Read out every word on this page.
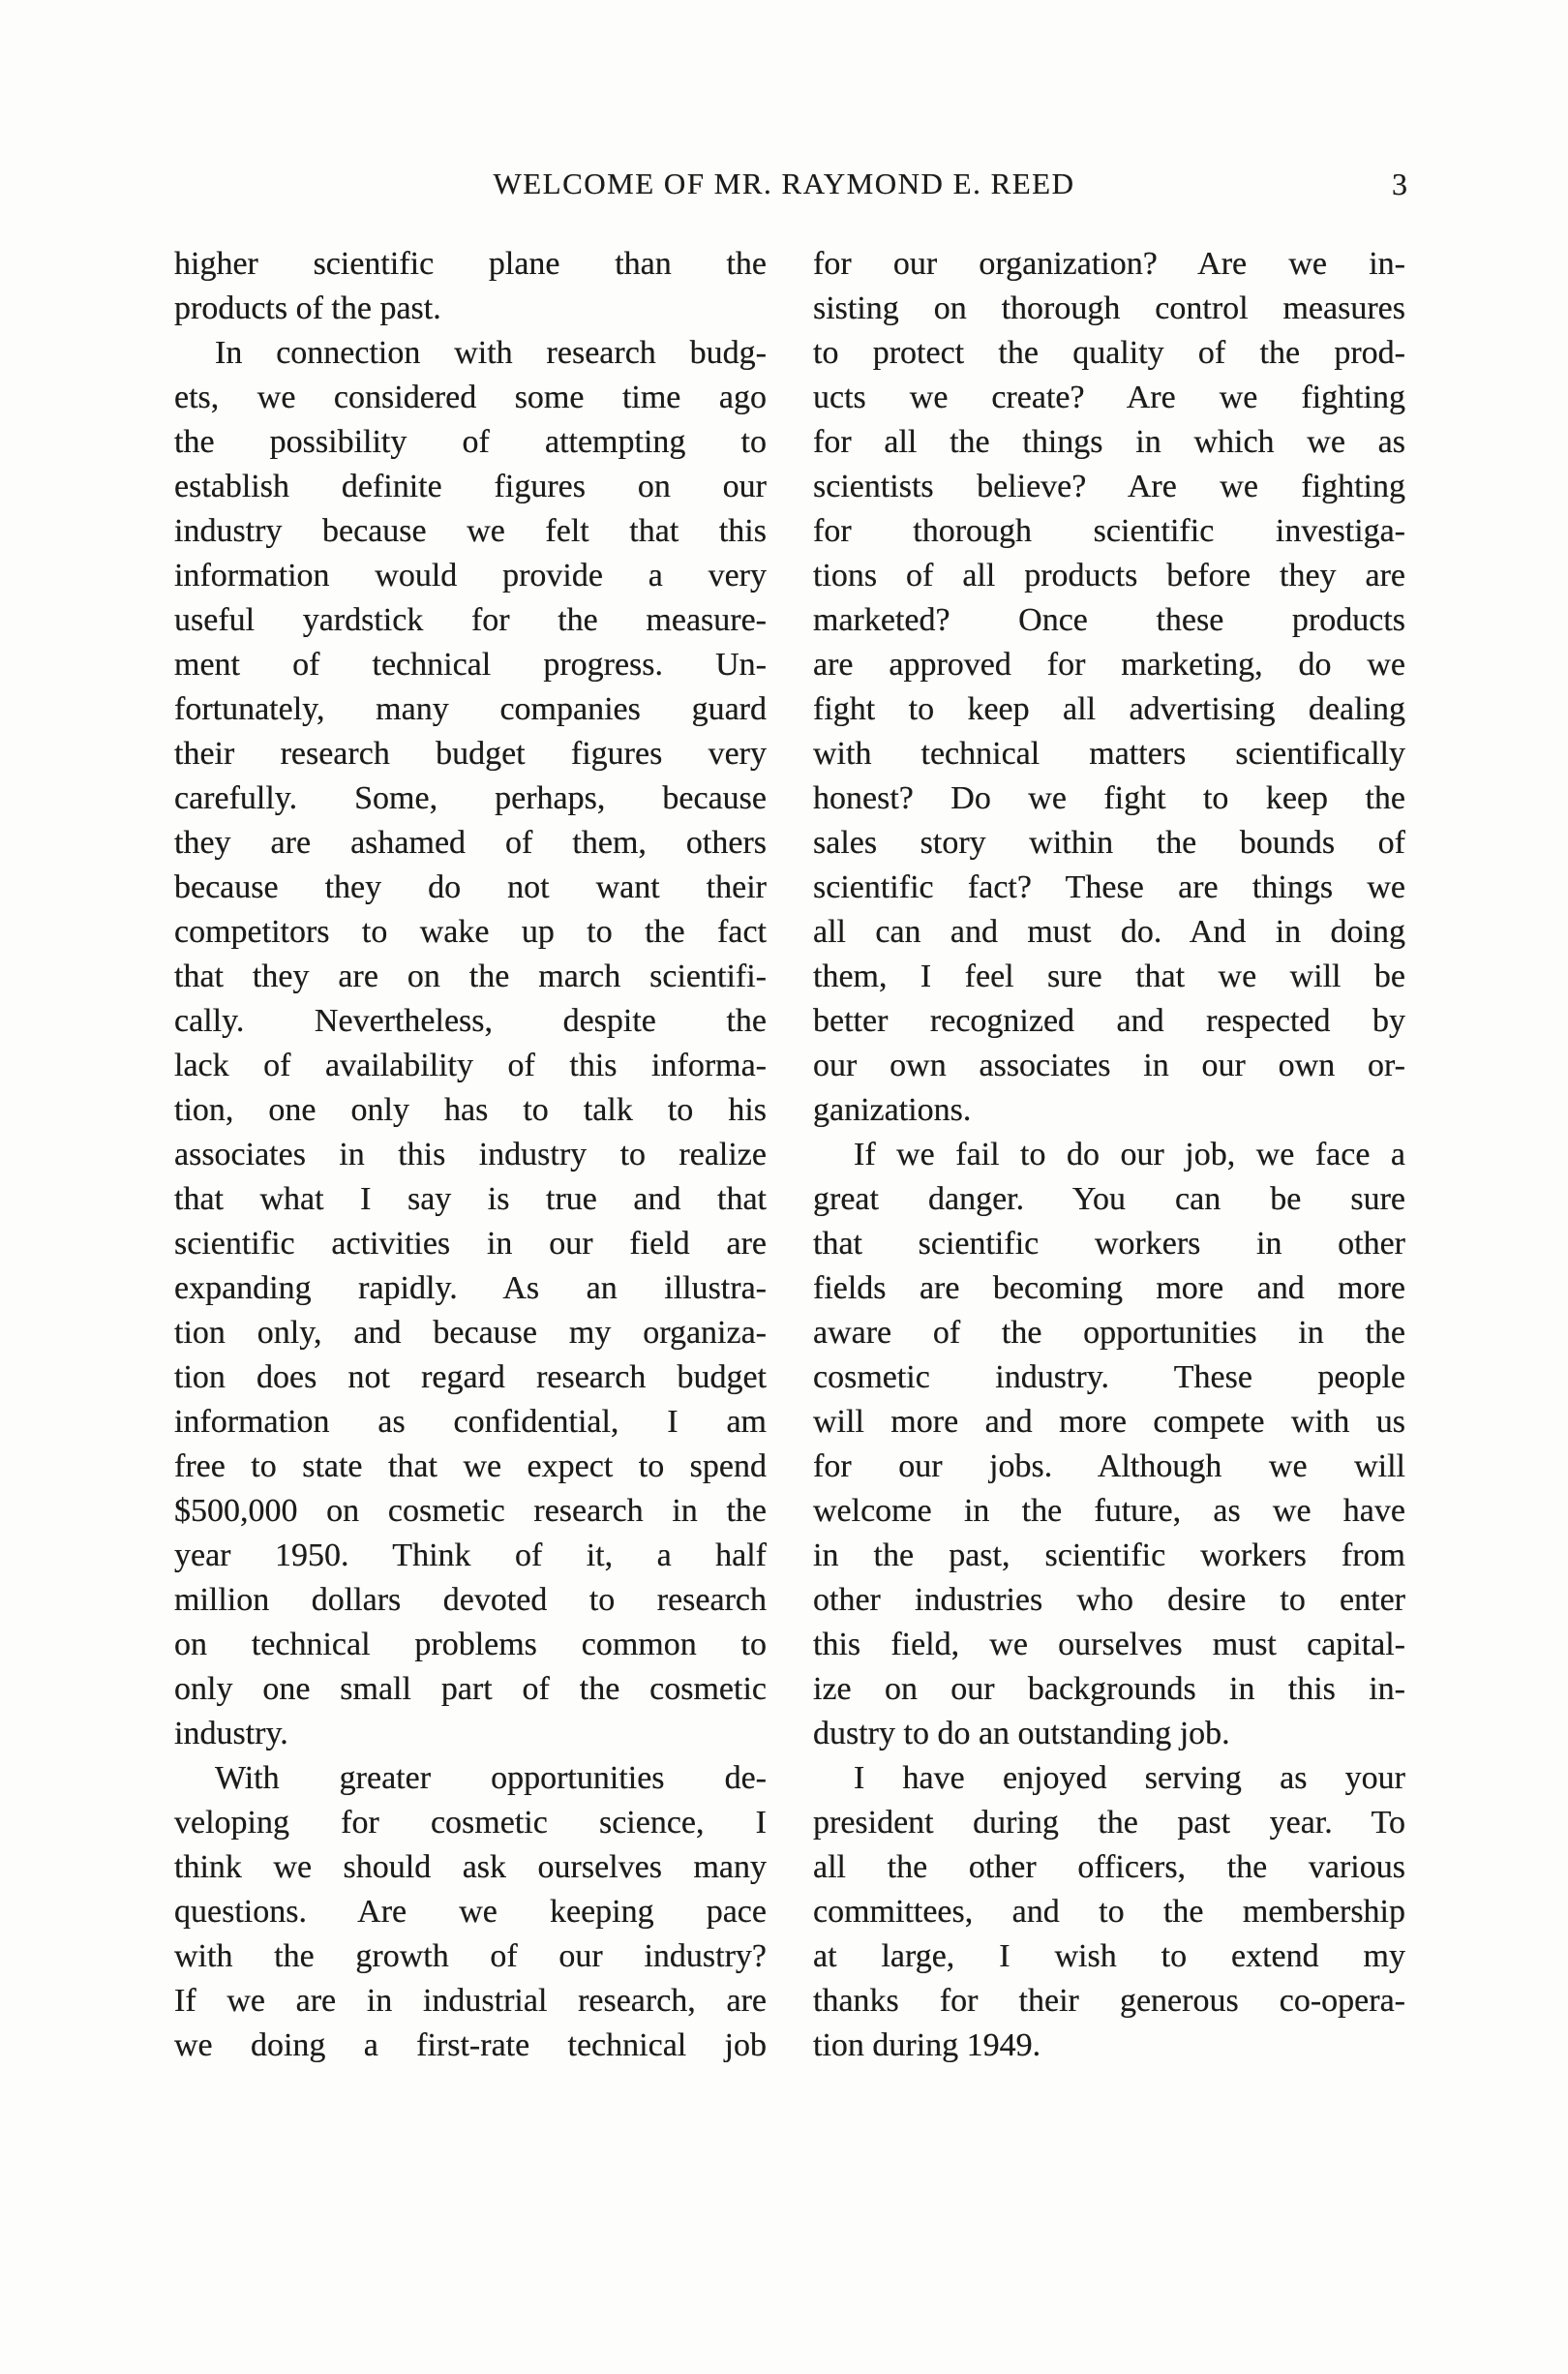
WELCOME OF MR. RAYMOND E. REED	3
higher scientific plane than the
products of the past.
In connection with research budg-
ets, we considered some time ago
the possibility of attempting to
establish definite figures on our
industry because we felt that this
information would provide a very
useful yardstick for the measure-
ment of technical progress. Un-
fortunately, many companies guard
their research budget figures very
carefully. Some, perhaps, because
they are ashamed of them, others
because they do not want their
competitors to wake up to the fact
that they are on the march scientifi-
cally. Nevertheless, despite the
lack of availability of this informa-
tion, one only has to talk to his
associates in this industry to realize
that what I say is true and that
scientific activities in our field are
expanding rapidly. As an illustra-
tion only, and because my organiza-
tion does not regard research budget
information as confidential, I am
free to state that we expect to spend
$500,000 on cosmetic research in the
year 1950. Think of it, a half
million dollars devoted to research
on technical problems common to
only one small part of the cosmetic
industry.
With greater opportunities de-
veloping for cosmetic science, I
think we should ask ourselves many
questions. Are we keeping pace
with the growth of our industry?
If we are in industrial research, are
we doing a first-rate technical job
for our organization? Are we in-
sisting on thorough control measures
to protect the quality of the prod-
ucts we create? Are we fighting
for all the things in which we as
scientists believe? Are we fighting
for thorough scientific investiga-
tions of all products before they are
marketed? Once these products
are approved for marketing, do we
fight to keep all advertising dealing
with technical matters scientifically
honest? Do we fight to keep the
sales story within the bounds of
scientific fact? These are things we
all can and must do. And in doing
them, I feel sure that we will be
better recognized and respected by
our own associates in our own or-
ganizations.
If we fail to do our job, we face a
great danger. You can be sure
that scientific workers in other
fields are becoming more and more
aware of the opportunities in the
cosmetic industry. These people
will more and more compete with us
for our jobs. Although we will
welcome in the future, as we have
in the past, scientific workers from
other industries who desire to enter
this field, we ourselves must capital-
ize on our backgrounds in this in-
dustry to do an outstanding job.
I have enjoyed serving as your
president during the past year. To
all the other officers, the various
committees, and to the membership
at large, I wish to extend my
thanks for their generous co-opera-
tion during 1949.
